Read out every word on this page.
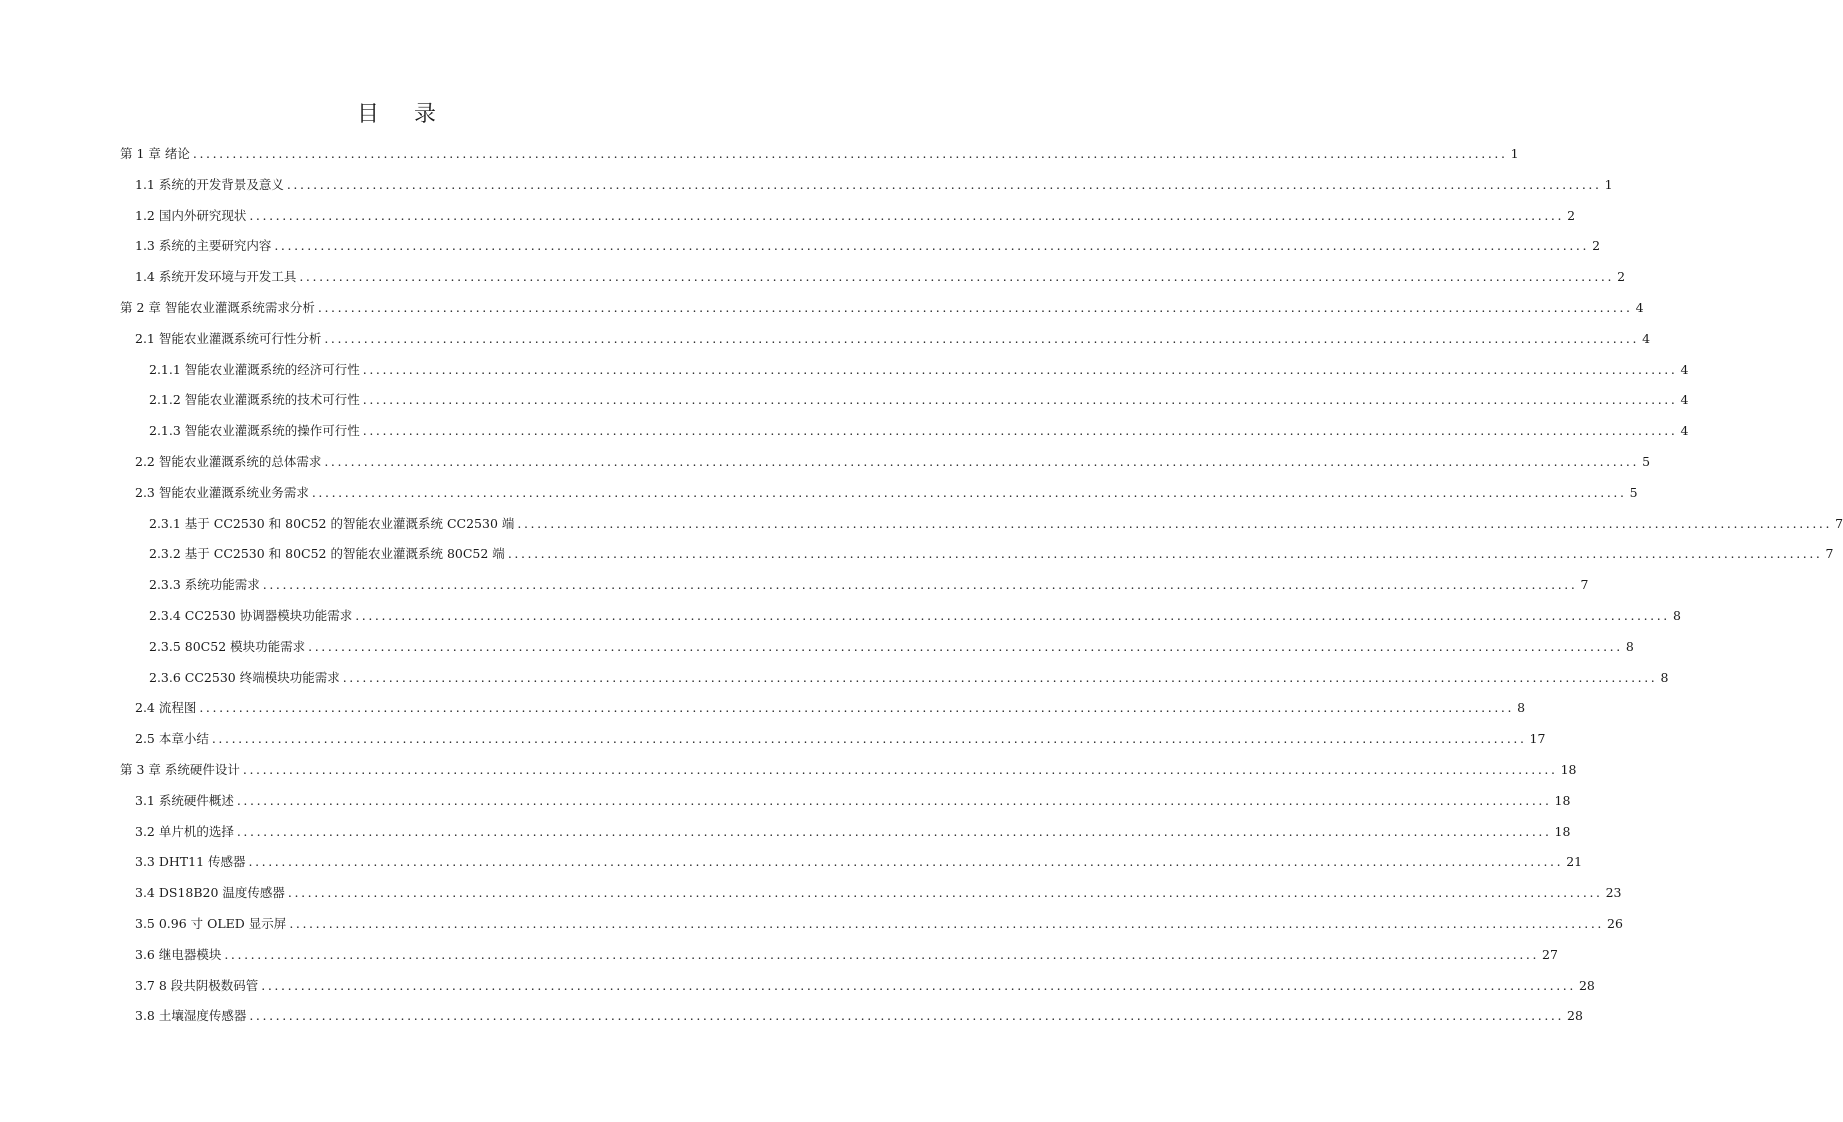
目 录
第 1 章 绪论 ........................................................................................................................................................................................................ 1
1.1 系统的开发背景及意义 ........................................................................................................................................................................................................ 1
1.2 国内外研究现状 ........................................................................................................................................................................................................ 2
1.3 系统的主要研究内容 ........................................................................................................................................................................................................ 2
1.4 系统开发环境与开发工具 ........................................................................................................................................................................................................ 2
第 2 章 智能农业灌溉系统需求分析 ........................................................................................................................................................................................................ 4
2.1 智能农业灌溉系统可行性分析 ........................................................................................................................................................................................................ 4
2.1.1 智能农业灌溉系统的经济可行性 ........................................................................................................................................................................................................ 4
2.1.2 智能农业灌溉系统的技术可行性 ........................................................................................................................................................................................................ 4
2.1.3 智能农业灌溉系统的操作可行性 ........................................................................................................................................................................................................ 4
2.2 智能农业灌溉系统的总体需求 ........................................................................................................................................................................................................ 5
2.3 智能农业灌溉系统业务需求 ........................................................................................................................................................................................................ 5
2.3.1 基于 CC2530 和 80C52 的智能农业灌溉系统 CC2530 端 ........................................................................................................................................................................................................ 7
2.3.2 基于 CC2530 和 80C52 的智能农业灌溉系统 80C52 端 ........................................................................................................................................................................................................ 7
2.3.3 系统功能需求 ........................................................................................................................................................................................................ 7
2.3.4 CC2530 协调器模块功能需求 ........................................................................................................................................................................................................ 8
2.3.5 80C52 模块功能需求 ........................................................................................................................................................................................................ 8
2.3.6 CC2530 终端模块功能需求 ........................................................................................................................................................................................................ 8
2.4 流程图 ........................................................................................................................................................................................................ 8
2.5 本章小结 ........................................................................................................................................................................................................ 17
第 3 章 系统硬件设计 ........................................................................................................................................................................................................ 18
3.1 系统硬件概述 ........................................................................................................................................................................................................ 18
3.2 单片机的选择 ........................................................................................................................................................................................................ 18
3.3 DHT11 传感器 ........................................................................................................................................................................................................ 21
3.4 DS18B20 温度传感器 ........................................................................................................................................................................................................ 23
3.5 0.96 寸 OLED 显示屏 ........................................................................................................................................................................................................ 26
3.6 继电器模块 ........................................................................................................................................................................................................ 27
3.7 8 段共阴极数码管 ........................................................................................................................................................................................................ 28
3.8 土壤湿度传感器 ........................................................................................................................................................................................................ 28
